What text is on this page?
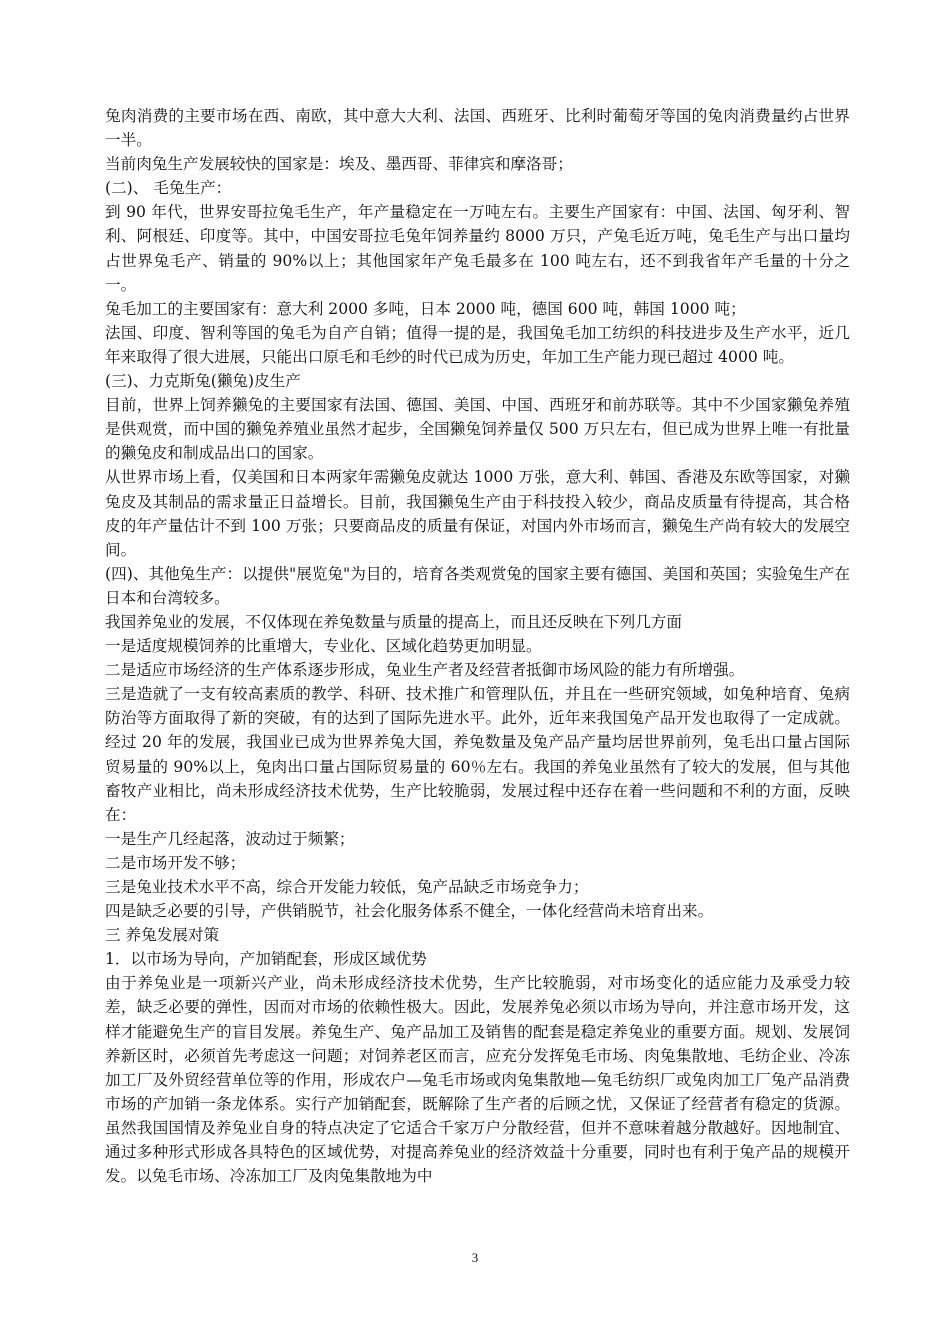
兔肉消费的主要市场在西、南欧，其中意大大利、法国、西班牙、比利时葡萄牙等国的兔肉消费量约占世界一半。

当前肉兔生产发展较快的国家是：埃及、墨西哥、菲律宾和摩洛哥；

(二)、 毛兔生产：

到 90 年代，世界安哥拉兔毛生产，年产量稳定在一万吨左右。主要生产国家有：中国、法国、匈牙利、智利、阿根廷、印度等。其中，中国安哥拉毛兔年饲养量约 8000 万只，产兔毛近万吨，兔毛生产与出口量均占世界兔毛产、销量的 90%以上；其他国家年产兔毛最多在 100 吨左右，还不到我省年产毛量的十分之一。

兔毛加工的主要国家有：意大利 2000 多吨，日本 2000 吨，德国 600 吨，韩国 1000 吨；

法国、印度、智利等国的兔毛为自产自销；值得一提的是，我国兔毛加工纺织的科技进步及生产水平，近几年来取得了很大进展，只能出口原毛和毛纱的时代已成为历史，年加工生产能力现已超过 4000 吨。

(三)、力克斯兔(獭兔)皮生产

目前，世界上饲养獭兔的主要国家有法国、德国、美国、中国、西班牙和前苏联等。其中不少国家獭兔养殖是供观赏，而中国的獭兔养殖业虽然才起步，全国獭兔饲养量仅 500 万只左右，但已成为世界上唯一有批量的獭兔皮和制成品出口的国家。

从世界市场上看，仅美国和日本两家年需獭兔皮就达 1000 万张，意大利、韩国、香港及东欧等国家，对獭兔皮及其制品的需求量正日益增长。目前，我国獭兔生产由于科技投入较少，商品皮质量有待提高，其合格皮的年产量估计不到 100 万张；只要商品皮的质量有保证，对国内外市场而言，獭兔生产尚有较大的发展空间。

(四)、其他兔生产：以提供"展览兔"为目的，培育各类观赏兔的国家主要有德国、美国和英国；实验兔生产在日本和台湾较多。

我国养兔业的发展，不仅体现在养兔数量与质量的提高上，而且还反映在下列几方面

一是适度规模饲养的比重增大，专业化、区域化趋势更加明显。

二是适应市场经济的生产体系逐步形成，兔业生产者及经营者抵御市场风险的能力有所增强。

三是造就了一支有较高素质的教学、科研、技术推广和管理队伍，并且在一些研究领域，如兔种培育、兔病防治等方面取得了新的突破，有的达到了国际先进水平。此外，近年来我国兔产品开发也取得了一定成就。经过 20 年的发展，我国业已成为世界养兔大国，养兔数量及兔产品产量均居世界前列，兔毛出口量占国际贸易量的 90%以上，兔肉出口量占国际贸易量的 60％左右。我国的养兔业虽然有了较大的发展，但与其他畜牧产业相比，尚未形成经济技术优势，生产比较脆弱，发展过程中还存在着一些问题和不利的方面，反映在：

一是生产几经起落，波动过于频繁；

二是市场开发不够；

三是兔业技术水平不高，综合开发能力较低，兔产品缺乏市场竞争力；

四是缺乏必要的引导，产供销脱节，社会化服务体系不健全，一体化经营尚未培育出来。

三 养兔发展对策

1．以市场为导向，产加销配套，形成区域优势

由于养兔业是一项新兴产业，尚未形成经济技术优势，生产比较脆弱，对市场变化的适应能力及承受力较差，缺乏必要的弹性，因而对市场的依赖性极大。因此，发展养兔必须以市场为导向，并注意市场开发，这样才能避免生产的盲目发展。养兔生产、兔产品加工及销售的配套是稳定养兔业的重要方面。规划、发展饲养新区时，必须首先考虑这一问题；对饲养老区而言，应充分发挥兔毛市场、肉兔集散地、毛纺企业、冷冻加工厂及外贸经营单位等的作用，形成农户—兔毛市场或肉兔集散地—兔毛纺织厂或兔肉加工厂兔产品消费市场的产加销一条龙体系。实行产加销配套，既解除了生产者的后顾之忧，又保证了经营者有稳定的货源。虽然我国国情及养兔业自身的特点决定了它适合千家万户分散经营，但并不意味着越分散越好。因地制宜、通过多种形式形成各具特色的区域优势，对提高养兔业的经济效益十分重要，同时也有利于兔产品的规模开发。以兔毛市场、冷冻加工厂及肉兔集散地为中

3
